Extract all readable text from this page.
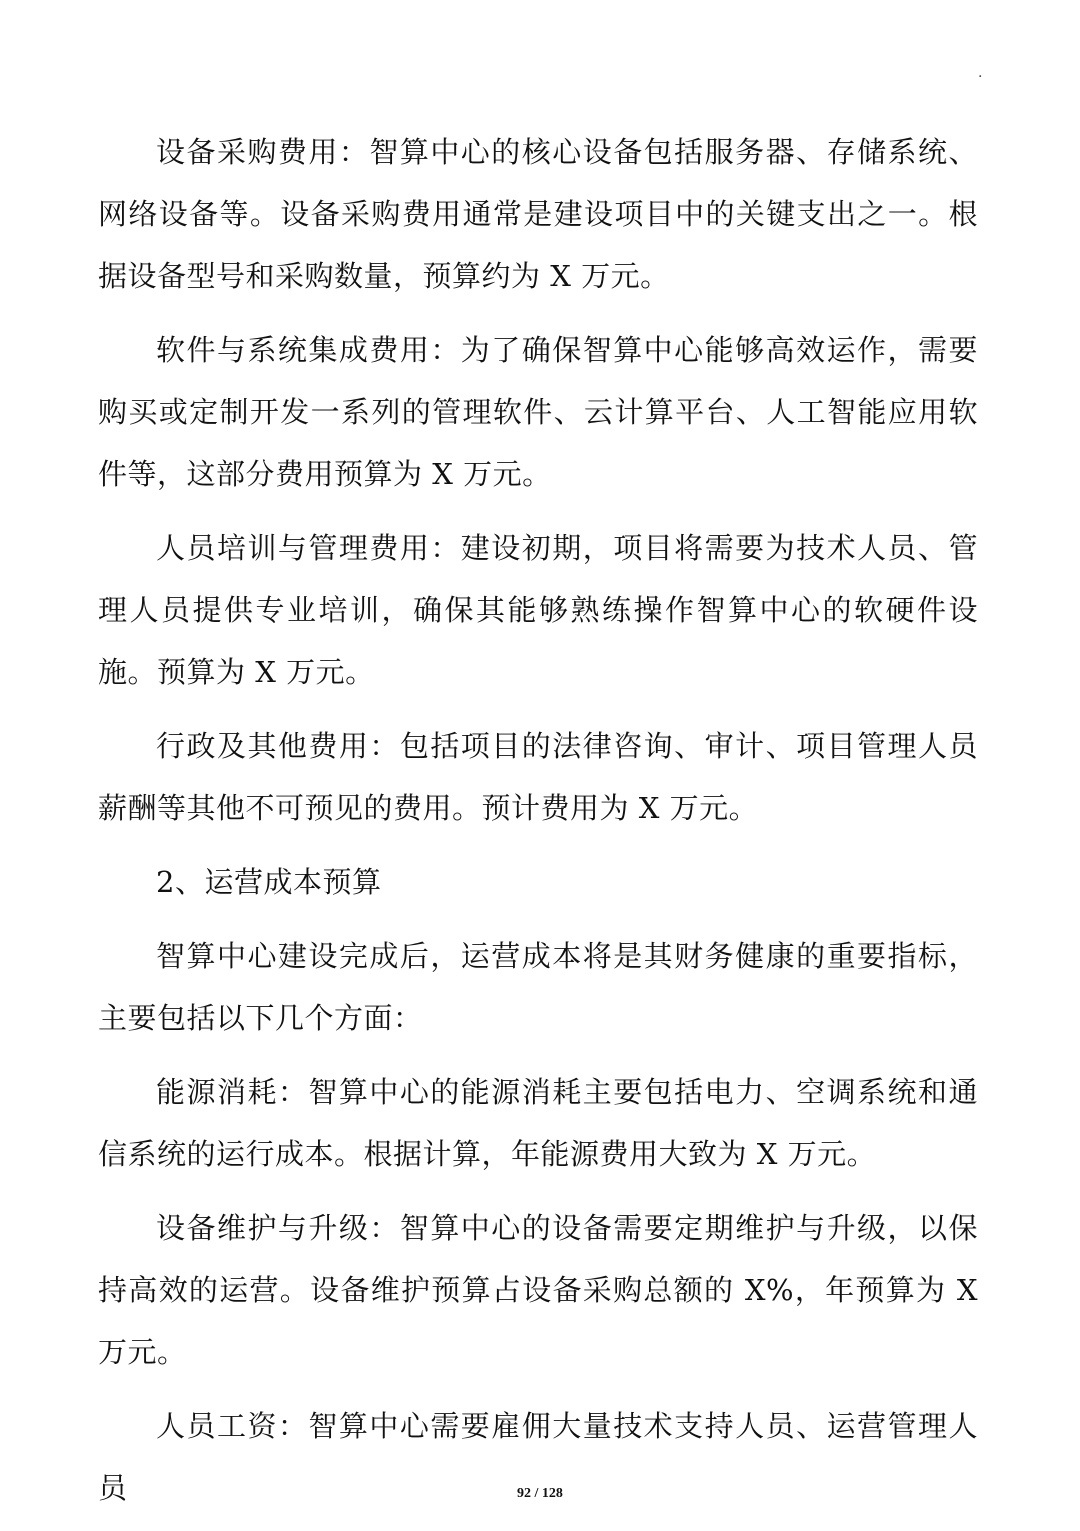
·

设备采购费用：智算中心的核心设备包括服务器、存储系统、网络设备等。设备采购费用通常是建设项目中的关键支出之一。根据设备型号和采购数量，预算约为 X 万元。

软件与系统集成费用：为了确保智算中心能够高效运作，需要购买或定制开发一系列的管理软件、云计算平台、人工智能应用软件等，这部分费用预算为 X 万元。

人员培训与管理费用：建设初期，项目将需要为技术人员、管理人员提供专业培训，确保其能够熟练操作智算中心的软硬件设施。预算为 X 万元。

行政及其他费用：包括项目的法律咨询、审计、项目管理人员薪酬等其他不可预见的费用。预计费用为 X 万元。

2、运营成本预算

智算中心建设完成后，运营成本将是其财务健康的重要指标，主要包括以下几个方面：

能源消耗：智算中心的能源消耗主要包括电力、空调系统和通信系统的运行成本。根据计算，年能源费用大致为 X 万元。

设备维护与升级：智算中心的设备需要定期维护与升级，以保持高效的运营。设备维护预算占设备采购总额的 X%，年预算为 X 万元。

人员工资：智算中心需要雇佣大量技术支持人员、运营管理人员	92 / 128
